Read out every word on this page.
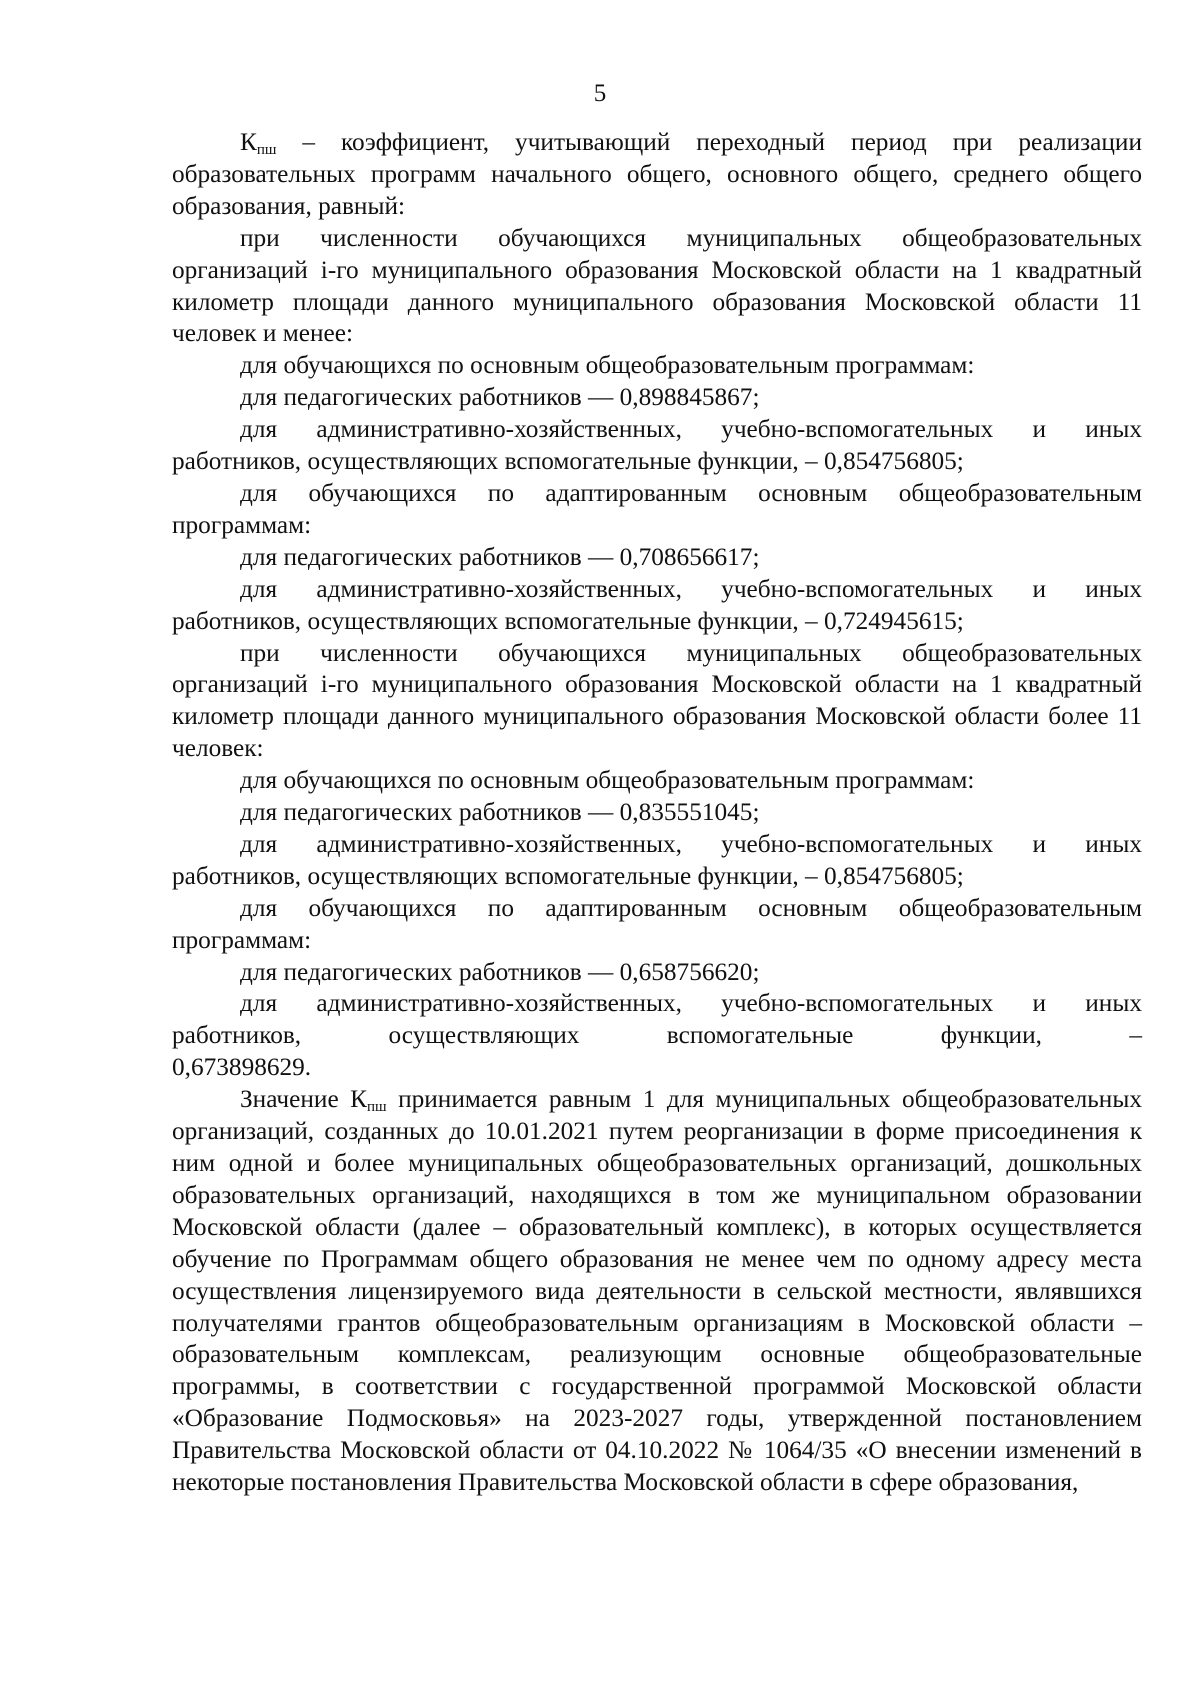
5

$К_{пш}$ – коэффициент, учитывающий переходный период при реализации образовательных программ начального общего, основного общего, среднего общего образования, равный:

при численности обучающихся муниципальных общеобразовательных организаций i-го муниципального образования Московской области на 1 квадратный километр площади данного муниципального образования Московской области 11 человек и менее:

для обучающихся по основным общеобразовательным программам:

для педагогических работников — 0,898845867;

для административно-хозяйственных, учебно-вспомогательных и иных работников, осуществляющих вспомогательные функции, – 0,854756805;

для обучающихся по адаптированным основным общеобразовательным программам:

для педагогических работников — 0,708656617;

для административно-хозяйственных, учебно-вспомогательных и иных работников, осуществляющих вспомогательные функции, – 0,724945615;

при численности обучающихся муниципальных общеобразовательных организаций i-го муниципального образования Московской области на 1 квадратный километр площади данного муниципального образования Московской области более 11 человек:

для обучающихся по основным общеобразовательным программам:

для педагогических работников — 0,835551045;

для административно-хозяйственных, учебно-вспомогательных и иных работников, осуществляющих вспомогательные функции, – 0,854756805;

для обучающихся по адаптированным основным общеобразовательным программам:

для педагогических работников — 0,658756620;

для административно-хозяйственных, учебно-вспомогательных и иных работников, осуществляющих вспомогательные функции, –

0,673898629.

Значение $К_{пш}$ принимается равным 1 для муниципальных общеобразовательных организаций, созданных до 10.01.2021 путем реорганизации в форме присоединения к ним одной и более муниципальных общеобразовательных организаций, дошкольных образовательных организаций, находящихся в том же муниципальном образовании Московской области (далее – образовательный комплекс), в которых осуществляется обучение по Программам общего образования не менее чем по одному адресу места осуществления лицензируемого вида деятельности в сельской местности, являвшихся получателями грантов общеобразовательным организациям в Московской области – образовательным комплексам, реализующим основные общеобразовательные программы, в соответствии с государственной программой Московской области «Образование Подмосковья» на 2023-2027 годы, утвержденной постановлением Правительства Московской области от 04.10.2022 № 1064/35 «О внесении изменений в некоторые постановления Правительства Московской области в сфере образования,
